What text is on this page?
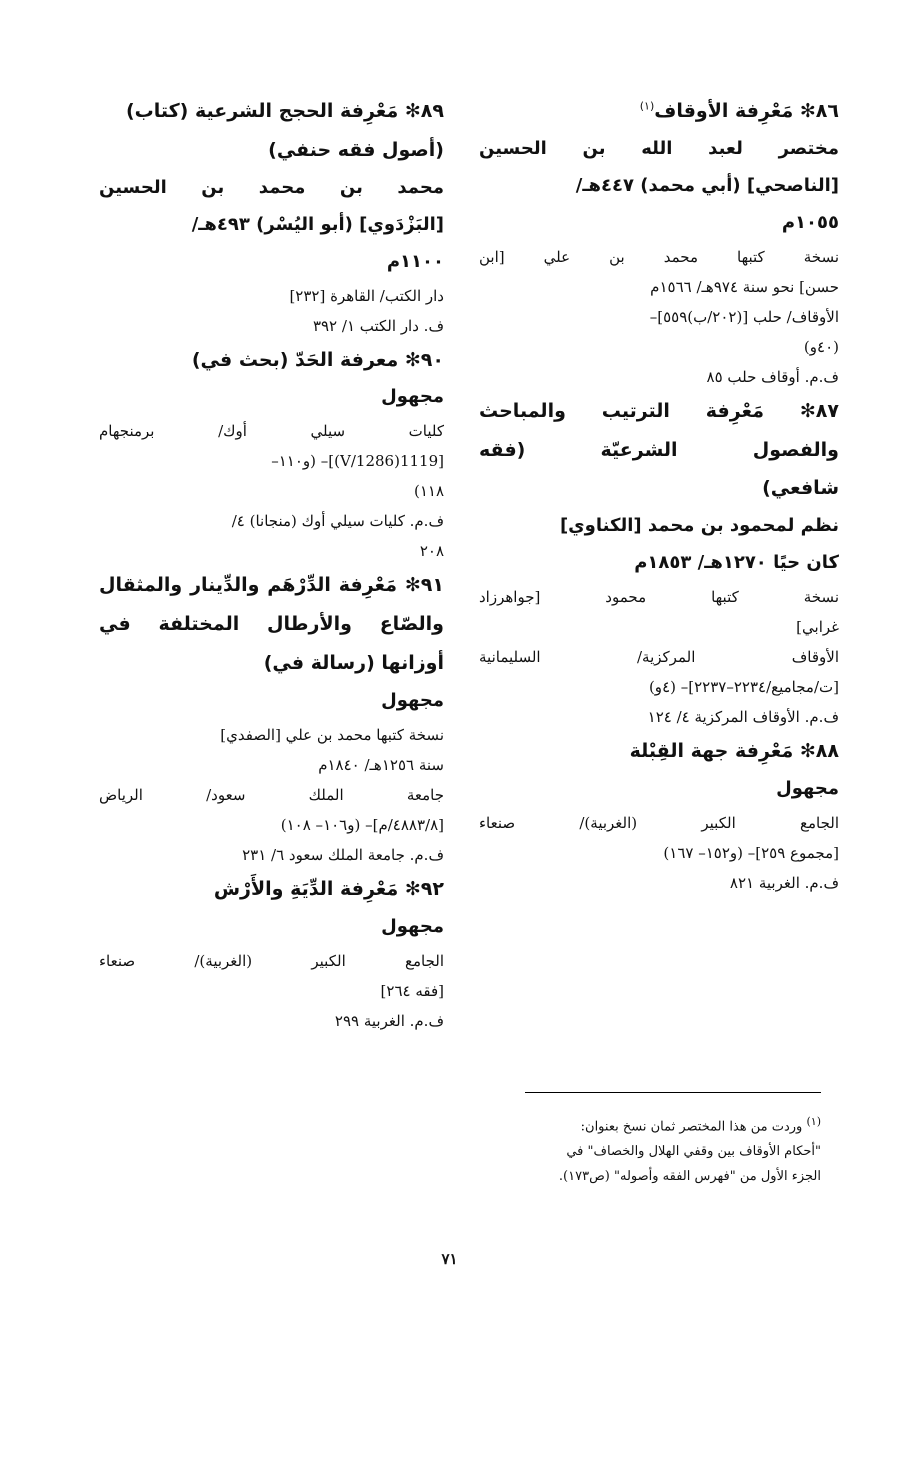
٨٦✻ مَعْرِفة الأوقاف$^{(١)}$
مختصر لعبد الله بن الحسين
[الناصحي] (أبي محمد) ٤٤٧هـ/
١٠٥٥م
نسخة كتبها محمد بن علي [ابن
حسن] نحو سنة ٩٧٤هـ/ ١٥٦٦م
الأوقاف/ حلب [(٢٠٢/ب)٥٥٩]–
(٤٠و)
ف.م. أوقاف حلب ٨٥
٨٧✻ مَعْرِفة الترتيب والمباحث
والفصول الشرعيّة (فقه
شافعي)
نظم لمحمود بن محمد [الكناوي]
كان حيًا ١٢٧٠هـ/ ١٨٥٣م
نسخة كتبها محمود [جواهرزاد
غرابي]
الأوقاف المركزية/ السليمانية
[ت/مجاميع/٢٢٣٤–٢٢٣٧]– (٤و)
ف.م. الأوقاف المركزية ٤/ ١٢٤
٨٨✻ مَعْرِفة جهة القِبْلة
مجهول
الجامع الكبير (الغربية)/ صنعاء
[مجموع ٢٥٩]– (و١٥٢– ١٦٧)
ف.م. الغربية ٨٢١
٨٩✻ مَعْرِفة الحجج الشرعية (كتاب)
(أصول فقه حنفي)
محمد بن محمد بن الحسين
[البَزْدَوي] (أبو اليُسْر) ٤٩٣هـ/
١١٠٠م
دار الكتب/ القاهرة [٢٣٢]
ف. دار الكتب ١/ ٣٩٢
٩٠✻ معرفة الحَدّ (بحث في)
مجهول
كليات سيلي أوك/ برمنجهام
[1119(1286/V)]– (و١١٠–
١١٨)
ف.م. كليات سيلي أوك (منجانا) ٤/
٢٠٨
٩١✻ مَعْرِفة الدِّرْهَم والدِّينار والمثقال
والصّاع والأرطال المختلفة في
أوزانها (رسالة في)
مجهول
نسخة كتبها محمد بن علي [الصفدي]
سنة ١٢٥٦هـ/ ١٨٤٠م
جامعة الملك سعود/ الرياض
[٤٨٨٣/٨/م]– (و١٠٦– ١٠٨)
ف.م. جامعة الملك سعود ٦/ ٢٣١
٩٢✻ مَعْرِفة الدِّيَةِ والأَرْش
مجهول
الجامع الكبير (الغربية)/ صنعاء
[فقه ٢٦٤]
ف.م. الغربية ٢٩٩
$^{(١)}$ وردت من هذا المختصر ثمان نسخ بعنوان:
"أحكام الأوقاف بين وقفي الهلال والخصاف" في
الجزء الأول من "فهرس الفقه وأصوله" (ص١٧٣).
٧١
